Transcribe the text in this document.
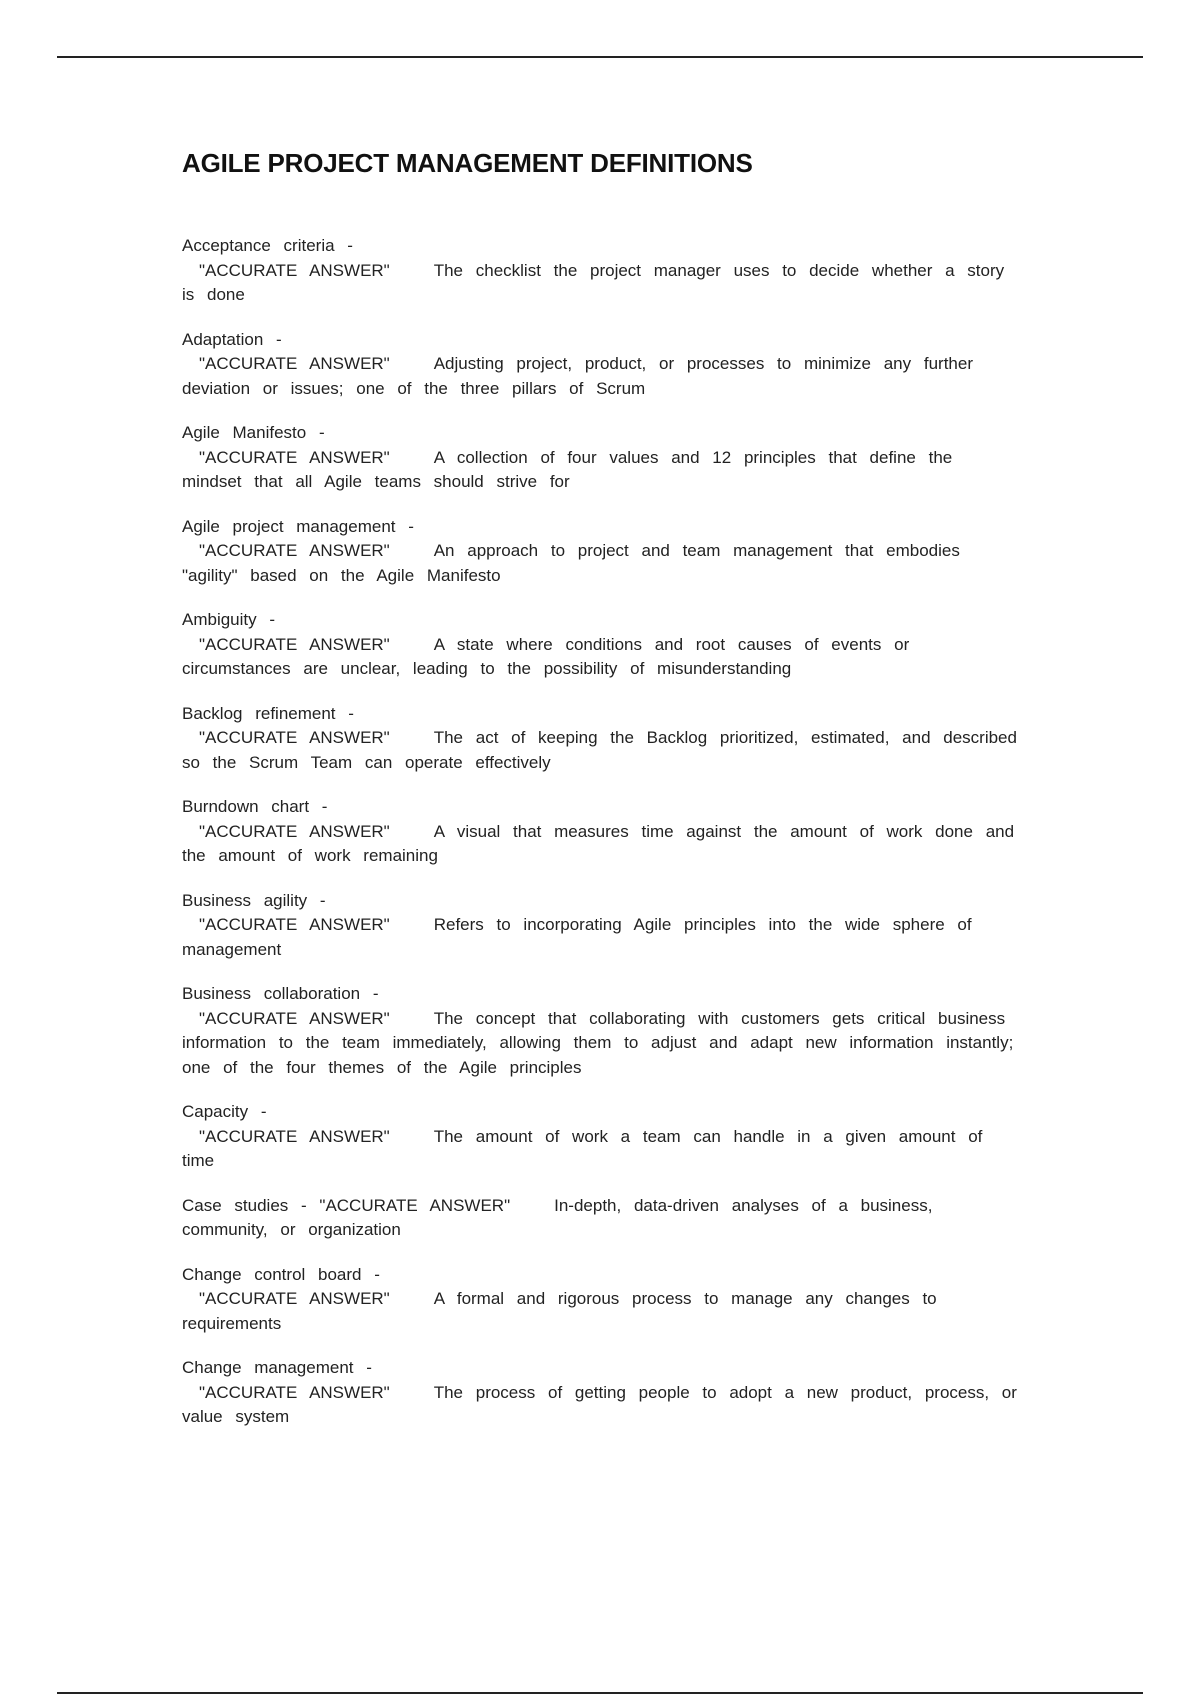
AGILE PROJECT MANAGEMENT DEFINITIONS
Acceptance criteria -
"ACCURATE ANSWER"	The checklist the project manager uses to decide whether a story is done
Adaptation -
"ACCURATE ANSWER"	Adjusting project, product, or processes to minimize any further deviation or issues; one of the three pillars of Scrum
Agile Manifesto -
"ACCURATE ANSWER"	A collection of four values and 12 principles that define the mindset that all Agile teams should strive for
Agile project management -
"ACCURATE ANSWER"	An approach to project and team management that embodies "agility" based on the Agile Manifesto
Ambiguity -
"ACCURATE ANSWER"	A state where conditions and root causes of events or circumstances are unclear, leading to the possibility of misunderstanding
Backlog refinement -
"ACCURATE ANSWER"	The act of keeping the Backlog prioritized, estimated, and described so the Scrum Team can operate effectively
Burndown chart -
"ACCURATE ANSWER"	A visual that measures time against the amount of work done and the amount of work remaining
Business agility -
"ACCURATE ANSWER"	Refers to incorporating Agile principles into the wide sphere of management
Business collaboration -
"ACCURATE ANSWER"	The concept that collaborating with customers gets critical business information to the team immediately, allowing them to adjust and adapt new information instantly; one of the four themes of the Agile principles
Capacity -
"ACCURATE ANSWER"	The amount of work a team can handle in a given amount of time
Case studies - "ACCURATE ANSWER"	In-depth, data-driven analyses of a business, community, or organization
Change control board -
"ACCURATE ANSWER"	A formal and rigorous process to manage any changes to requirements
Change management -
"ACCURATE ANSWER"	The process of getting people to adopt a new product, process, or value system
